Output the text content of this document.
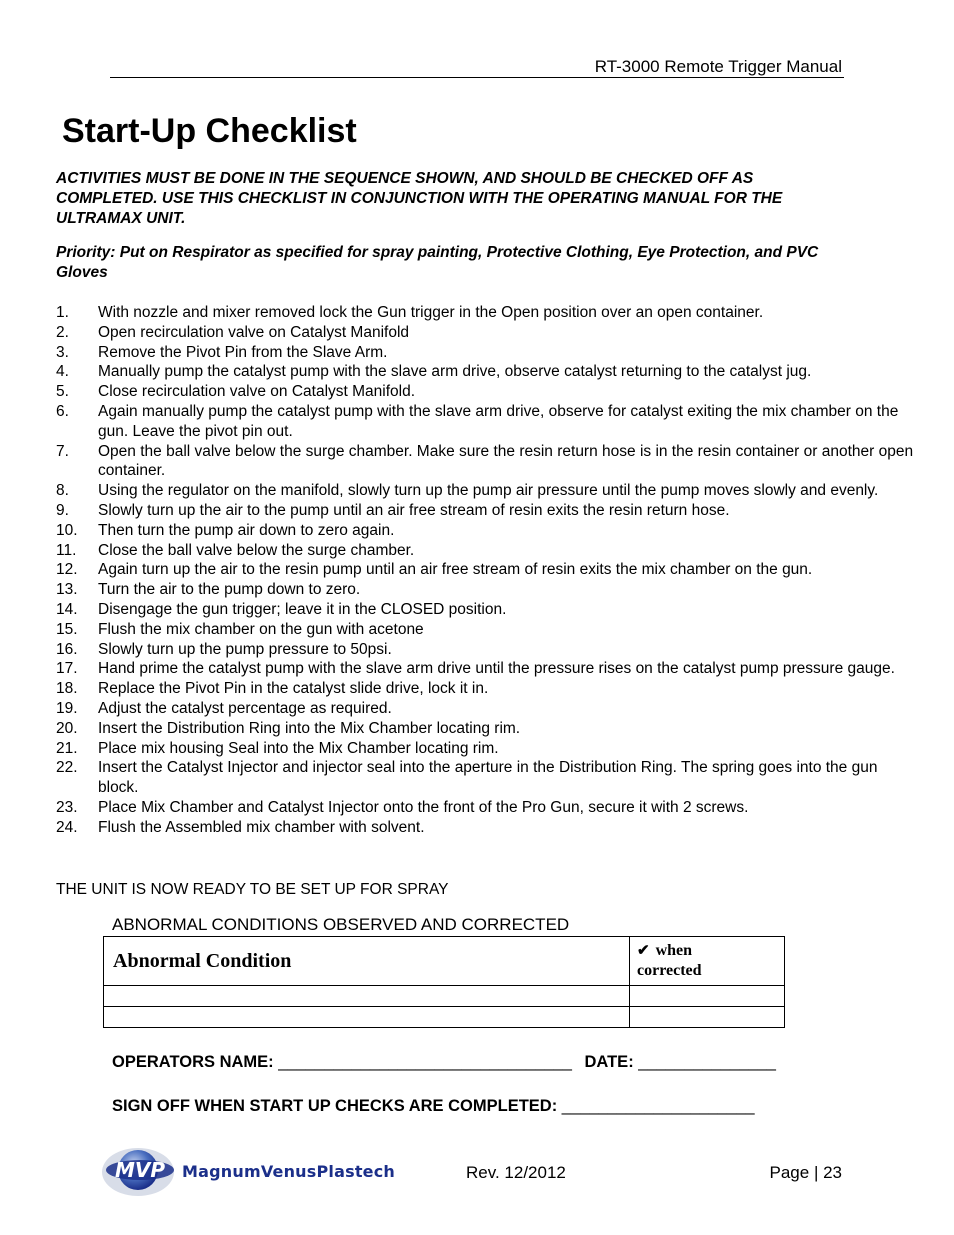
RT-3000 Remote Trigger Manual
Start-Up Checklist
ACTIVITIES MUST BE DONE IN THE SEQUENCE SHOWN, AND SHOULD BE CHECKED OFF AS COMPLETED. USE THIS CHECKLIST IN CONJUNCTION WITH THE OPERATING MANUAL FOR THE ULTRAMAX UNIT.
Priority: Put on Respirator as specified for spray painting, Protective Clothing, Eye Protection, and PVC Gloves
1. With nozzle and mixer removed lock the Gun trigger in the Open position over an open container.
2. Open recirculation valve on Catalyst Manifold
3. Remove the Pivot Pin from the Slave Arm.
4. Manually pump the catalyst pump with the slave arm drive, observe catalyst returning to the catalyst jug.
5. Close recirculation valve on Catalyst Manifold.
6. Again manually pump the catalyst pump with the slave arm drive, observe for catalyst exiting the mix chamber on the gun. Leave the pivot pin out.
7. Open the ball valve below the surge chamber. Make sure the resin return hose is in the resin container or another open container.
8. Using the regulator on the manifold, slowly turn up the pump air pressure until the pump moves slowly and evenly.
9. Slowly turn up the air to the pump until an air free stream of resin exits the resin return hose.
10. Then turn the pump air down to zero again.
11. Close the ball valve below the surge chamber.
12. Again turn up the air to the resin pump until an air free stream of resin exits the mix chamber on the gun.
13. Turn the air to the pump down to zero.
14. Disengage the gun trigger; leave it in the CLOSED position.
15. Flush the mix chamber on the gun with acetone
16. Slowly turn up the pump pressure to 50psi.
17. Hand prime the catalyst pump with the slave arm drive until the pressure rises on the catalyst pump pressure gauge.
18. Replace the Pivot Pin in the catalyst slide drive, lock it in.
19. Adjust the catalyst percentage as required.
20. Insert the Distribution Ring into the Mix Chamber locating rim.
21. Place mix housing Seal into the Mix Chamber locating rim.
22. Insert the Catalyst Injector and injector seal into the aperture in the Distribution Ring. The spring goes into the gun block.
23. Place Mix Chamber and Catalyst Injector onto the front of the Pro Gun, secure it with 2 screws.
24. Flush the Assembled mix chamber with solvent.
THE UNIT IS NOW READY TO BE SET UP FOR SPRAY
ABNORMAL CONDITIONS OBSERVED AND CORRECTED
Abnormal Condition	✔ when
corrected

OPERATORS NAME: ________________________________ DATE: _______________
SIGN OFF WHEN START UP CHECKS ARE COMPLETED: _____________________
MVP MagnumVenusPlastech	Rev. 12/2012	Page | 23
